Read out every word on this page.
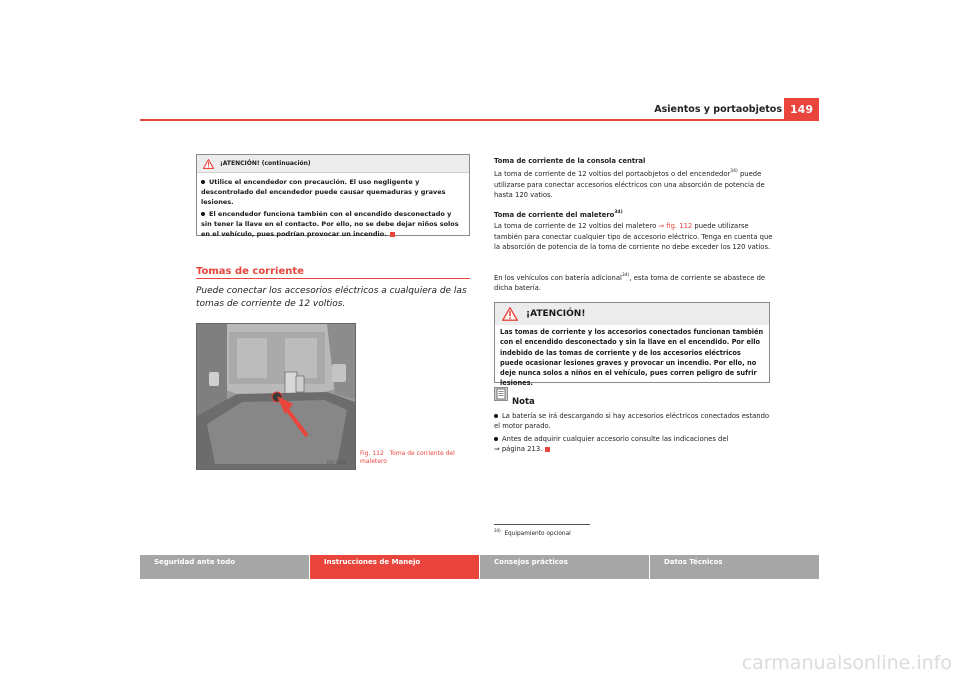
Asientos y portaobjetos 149
¡ATENCIÓN! (continuación)

Utilice el encendedor con precaución. El uso negligente y descontrolado del encendedor puede causar quemaduras y graves lesiones.

El encendedor funciona también con el encendido desconectado y sin tener la llave en el contacto. Por ello, no se debe dejar niños solos en el vehículo, pues podrían provocar un incendio.

Tomas de corriente
Puede conectar los accesorios eléctricos a cualquiera de las tomas de corriente de 12 voltios.
B7F-0101
Fig. 112 Toma de corriente del maletero
Toma de corriente de la consola central
La toma de corriente de 12 voltios del portaobjetos o del encendedor$^{34)}$ puede utilizarse para conectar accesorios eléctricos con una absorción de potencia de hasta 120 vatios.
Toma de corriente del maletero$^{34)}$
La toma de corriente de 12 voltios del maletero ⇒ fig. 112 puede utilizarse también para conectar cualquier tipo de accesorio eléctrico. Tenga en cuenta que la absorción de potencia de la toma de corriente no debe exceder los 120 vatios.
En los vehículos con batería adicional$^{34)}$, esta toma de corriente se abastece de dicha batería.
¡ATENCIÓN!
Las tomas de corriente y los accesorios conectados funcionan también con el encendido desconectado y sin la llave en el encendido. Por ello indebido de las tomas de corriente y de los accesorios eléctricos puede ocasionar lesiones graves y provocar un incendio. Por ello, no deje nunca solos a niños en el vehículo, pues corren peligro de sufrir lesiones.
Nota
La batería se irá descargando si hay accesorios eléctricos conectados estando el motor parado.
Antes de adquirir cualquier accesorio consulte las indicaciones del
⇒ página 213.
$^{34)}$  Equipamiento opcional
Seguridad ante todo	Instrucciones de Manejo	Consejos prácticos	Datos Técnicos
carmanualsonline.info
